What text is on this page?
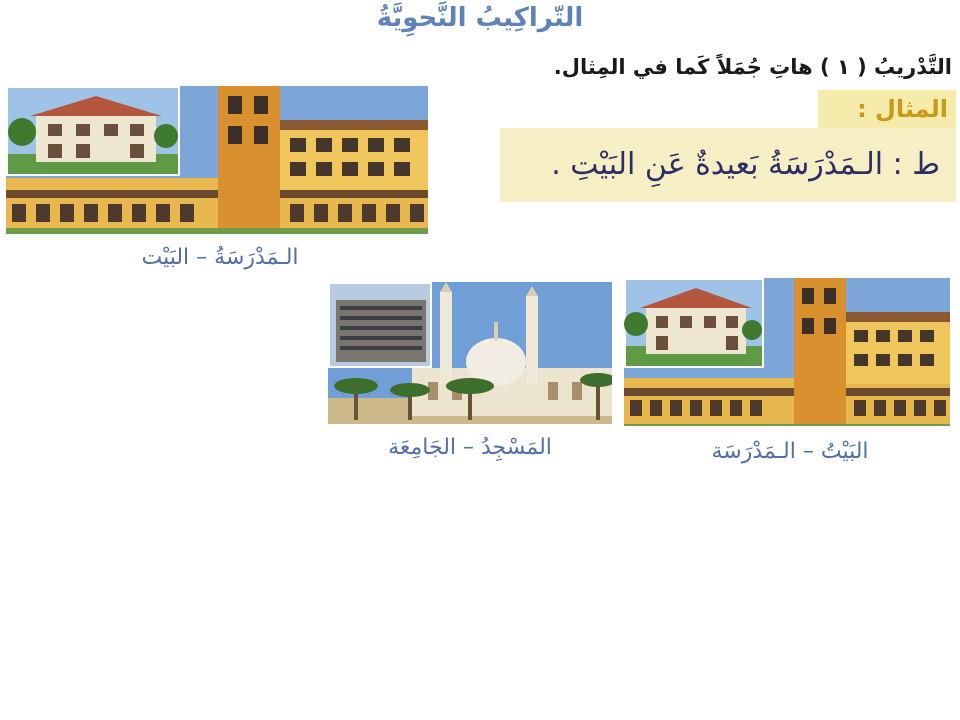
التّراكِيبُ النَّحوِيَّةُ
التَّدْريبُ ( ١ ) هاتِ جُمَلاً كَما في المِثال.
المثال :
ط : الـمَدْرَسَةُ بَعيدةٌ عَنِ البَيْتِ .
الـمَدْرَسَةُ – البَيْت
المَسْجِدُ – الجَامِعَة	البَيْتُ – الـمَدْرَسَة
